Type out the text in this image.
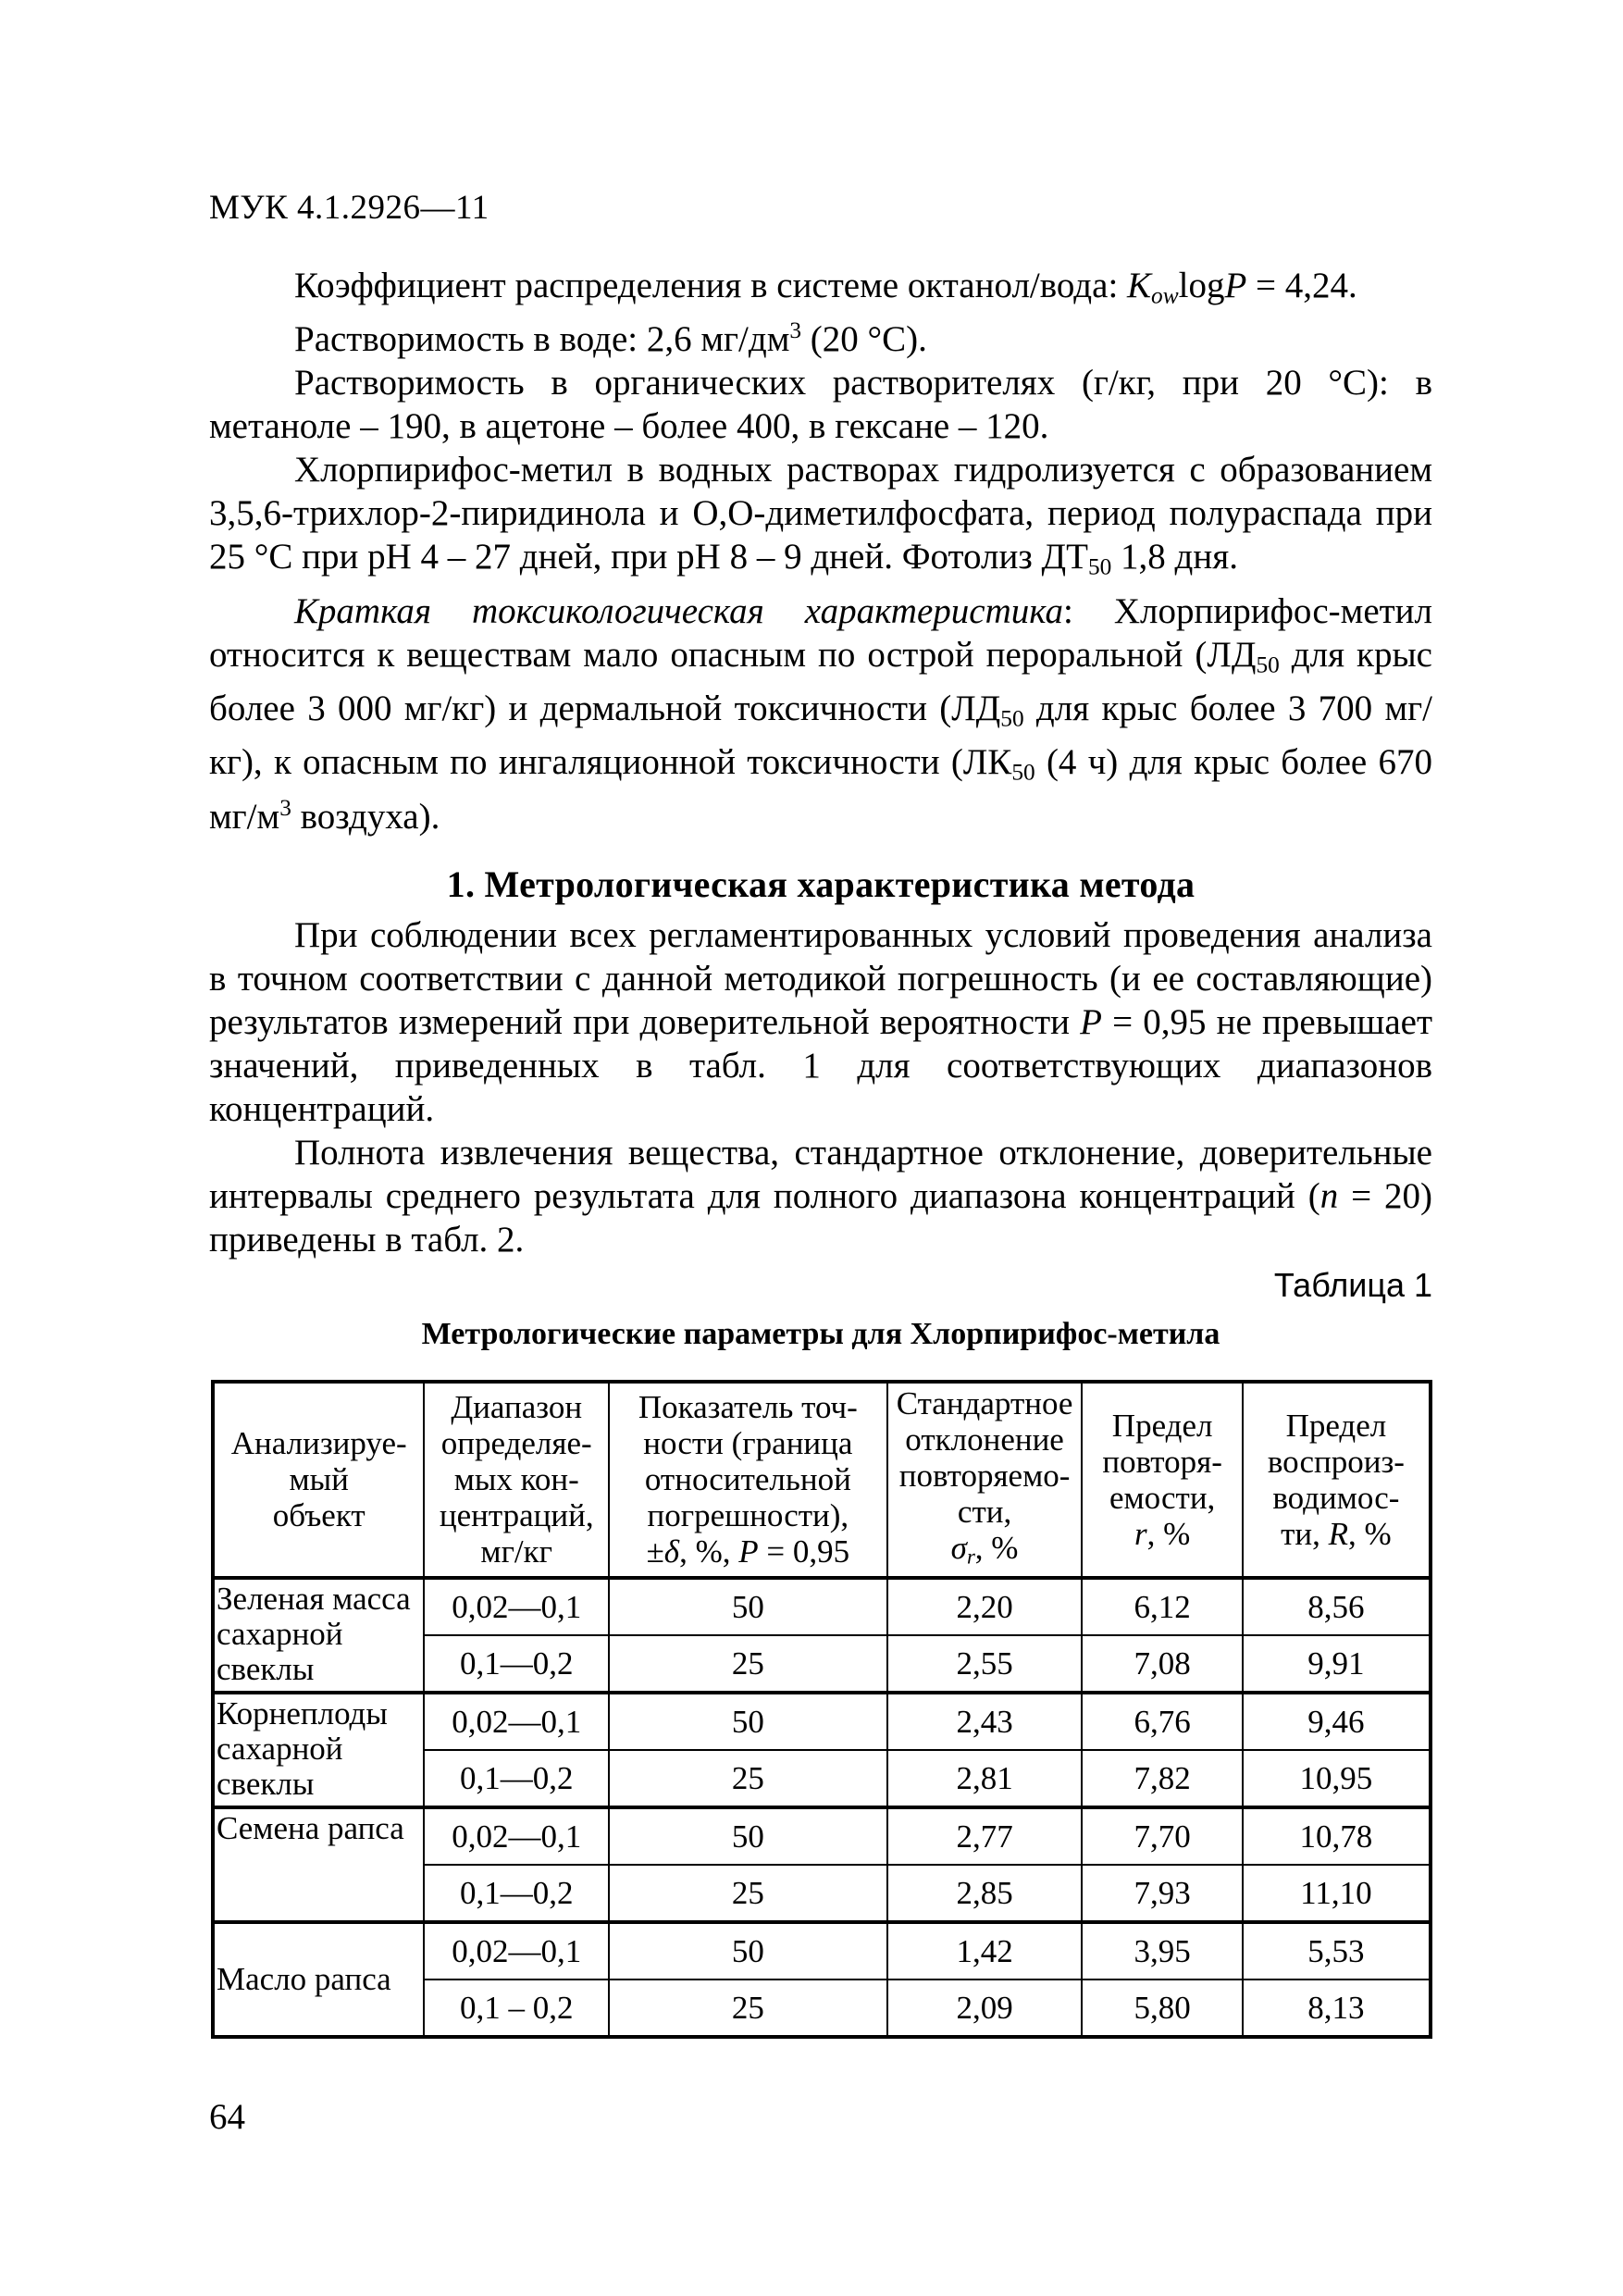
МУК 4.1.2926—11

Коэффициент распределения в системе октанол/вода: $K_{ow}\log P = 4,24$.

Растворимость в воде: 2,6 $мг/дм^3$ (20 °С).

Растворимость в органических растворителях (г/кг, при 20 °С): в метаноле – 190, в ацетоне – более 400, в гексане – 120.

Хлорпирифос-метил в водных растворах гидролизуется с образованием 3,5,6-трихлор-2-пиридинола и О,О-диметилфосфата, период полураспада при 25 °С при рН 4 – 27 дней, при рН 8 – 9 дней. Фотолиз $ДТ_{50}$ 1,8 дня.

Краткая токсикологическая характеристика: Хлорпирифос-метил относится к веществам мало опасным по острой пероральной ($ЛД_{50}$ для крыс более 3 000 мг/кг) и дермальной токсичности ($ЛД_{50}$ для крыс более 3 700 мг/кг), к опасным по ингаляционной токсичности ($ЛК_{50}$ (4 ч) для крыс более 670 $мг/м^3$ воздуха).

1. Метрологическая характеристика метода

При соблюдении всех регламентированных условий проведения анализа в точном соответствии с данной методикой погрешность (и ее составляющие) результатов измерений при доверительной вероятности P = 0,95 не превышает значений, приведенных в табл. 1 для соответствующих диапазонов концентраций.

Полнота извлечения вещества, стандартное отклонение, доверительные интервалы среднего результата для полного диапазона концентраций (n = 20) приведены в табл. 2.

Таблица 1
Метрологические параметры для Хлорпирифос-метила
Анализируе-
мый
объект	Диапазон
определяе-
мых кон-
центраций,
мг/кг	Показатель точ-
ности (граница
относительной
погрешности),
±δ, %, P = 0,95	Стандартное
отклонение
повторяемо-
сти,
$\sigma_r$, %	Предел
повторя-
емости,
r, %	Предел
воспроиз-
водимос-
ти, R, %
Зеленая масса сахарной свеклы	0,02—0,1	50	2,20	6,12	8,56
	0,1—0,2	25	2,55	7,08	9,91
Корнеплоды сахарной свеклы	0,02—0,1	50	2,43	6,76	9,46
	0,1—0,2	25	2,81	7,82	10,95
Семена рапса	0,02—0,1	50	2,77	7,70	10,78
	0,1—0,2	25	2,85	7,93	11,10
Масло рапса	0,02—0,1	50	1,42	3,95	5,53
	0,1 – 0,2	25	2,09	5,80	8,13
64
